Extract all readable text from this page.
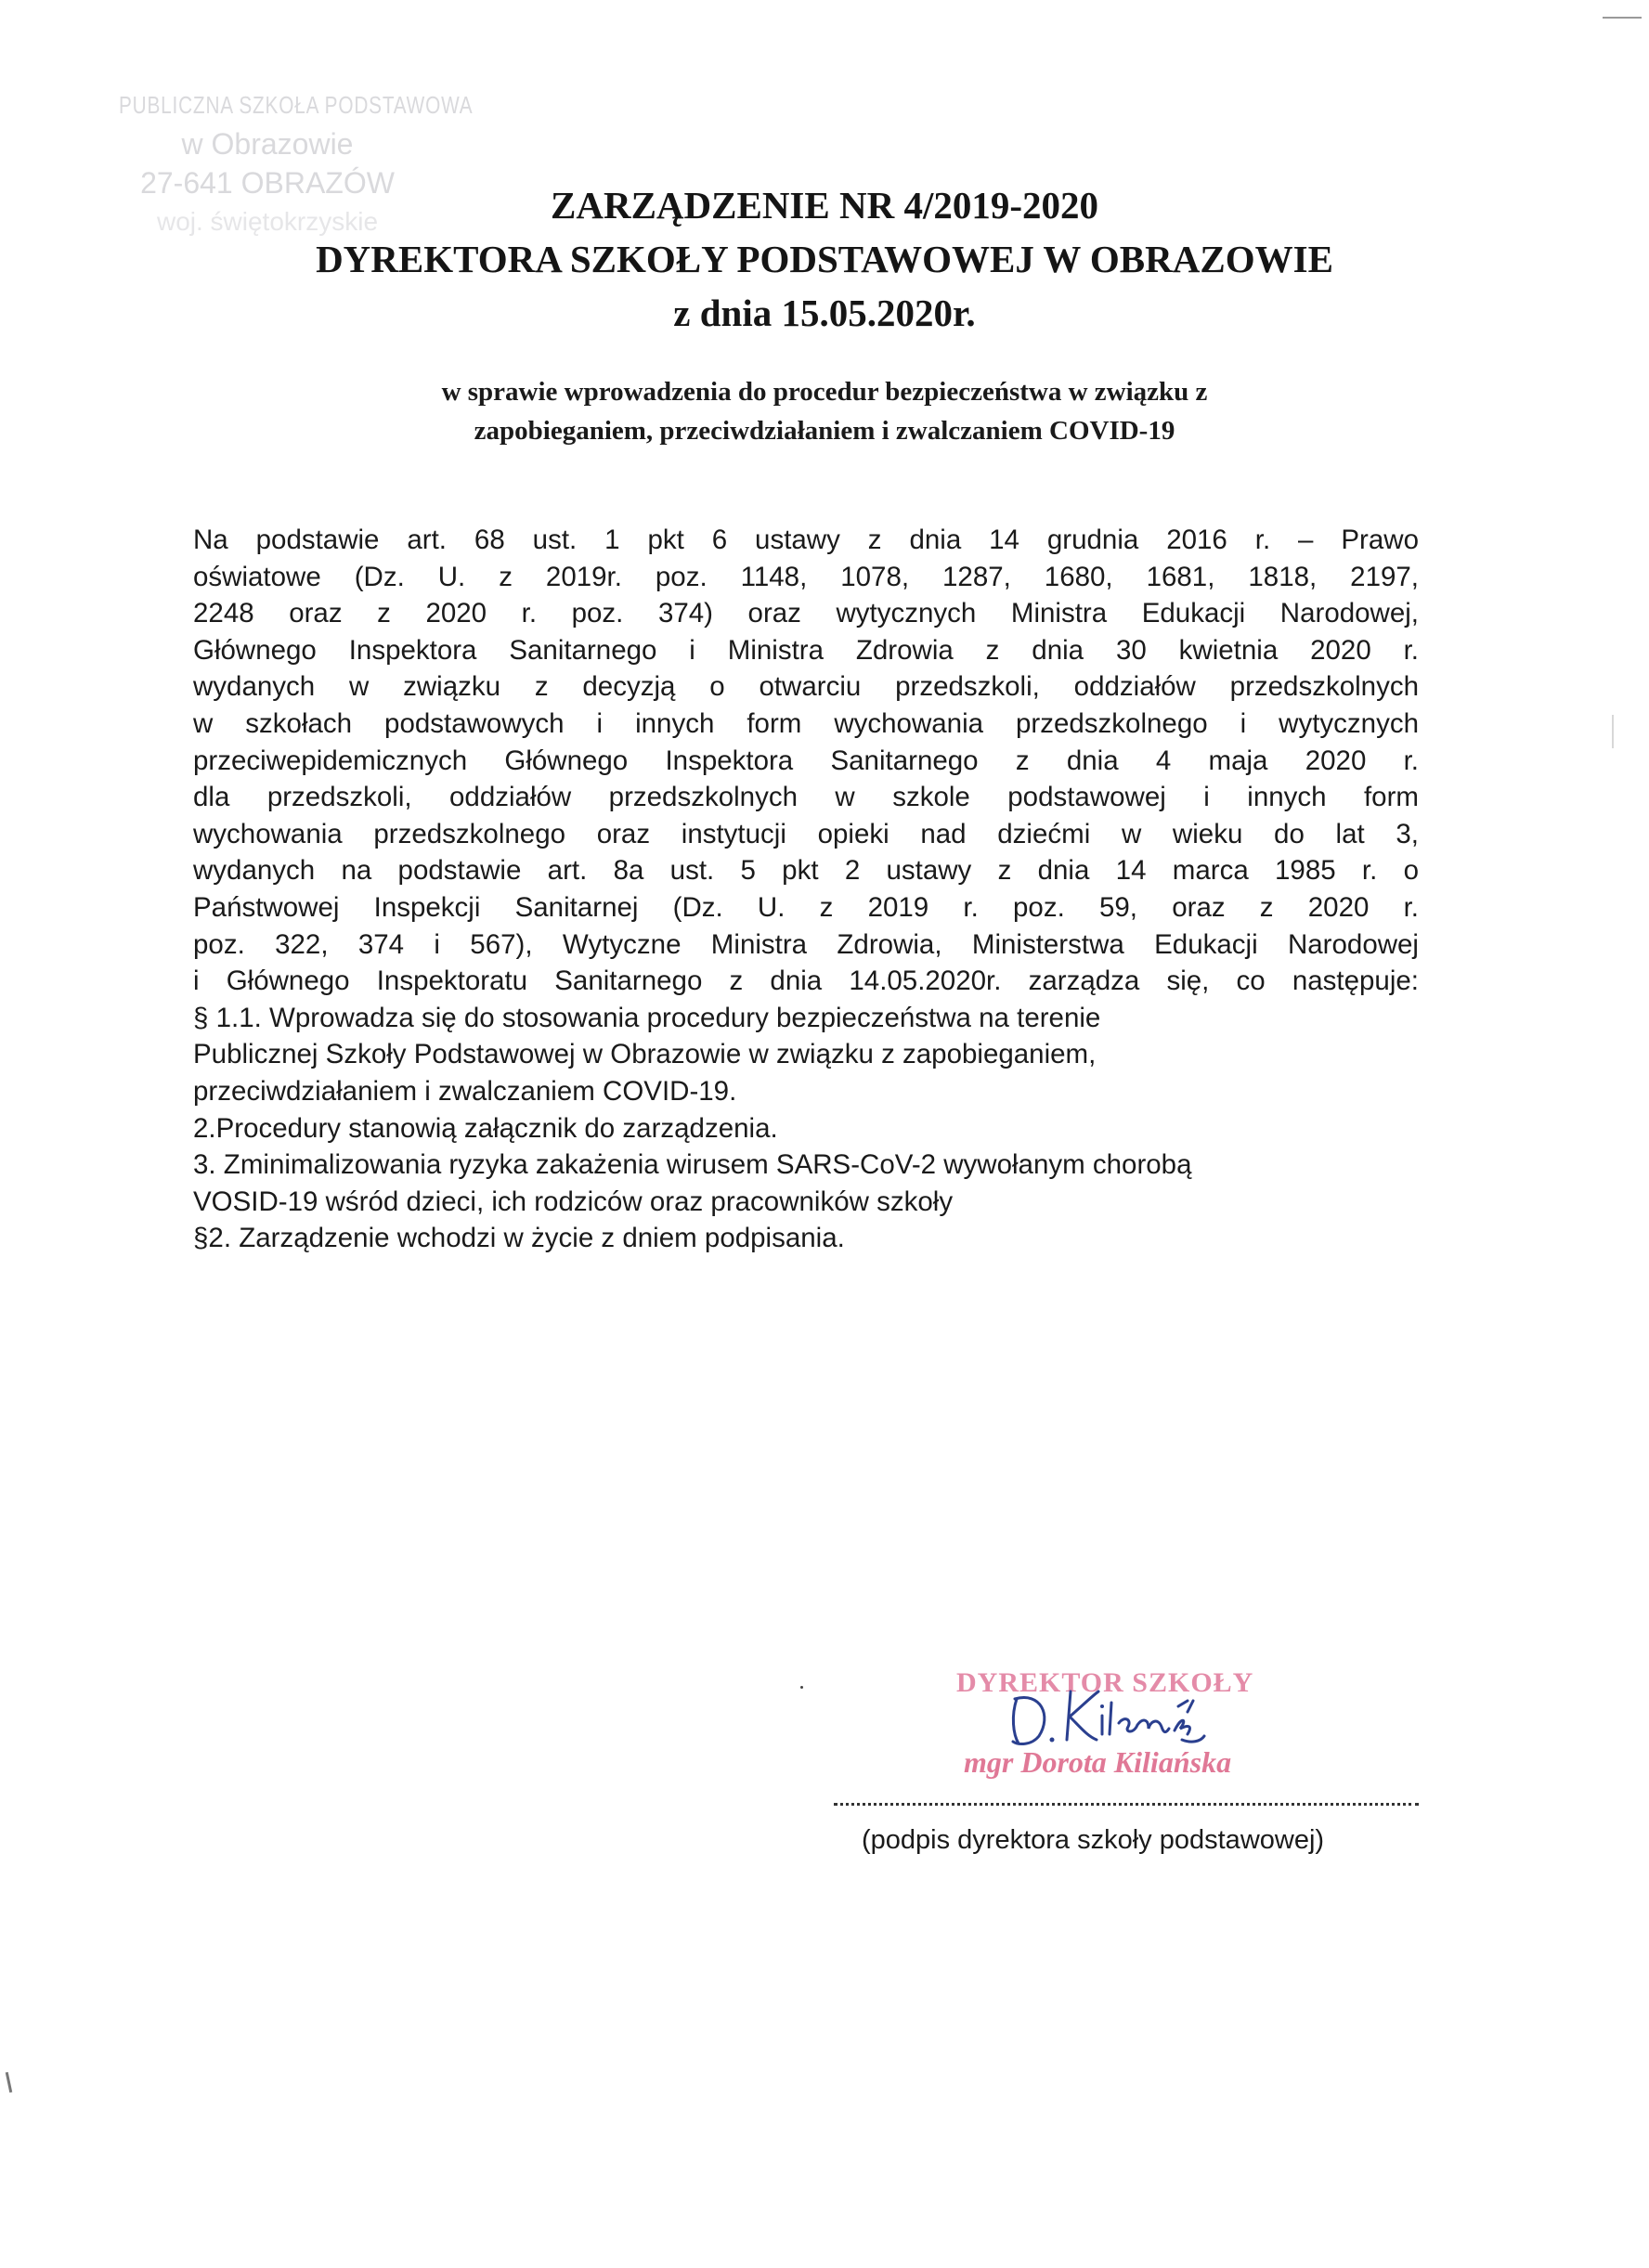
PUBLICZNA SZKOŁA PODSTAWOWA
w Obrazowie
27-641 OBRAZÓW
woj. świętokrzyskie	ZARZĄDZENIE NR 4/2019-2020
DYREKTORA SZKOŁY PODSTAWOWEJ W OBRAZOWIE
z dnia 15.05.2020r.
w sprawie wprowadzenia do procedur bezpieczeństwa w związku z
zapobieganiem, przeciwdziałaniem i zwalczaniem COVID-19
Na podstawie art. 68 ust. 1 pkt 6 ustawy z dnia 14 grudnia 2016 r. – Prawo
oświatowe (Dz. U. z 2019r. poz. 1148, 1078, 1287, 1680, 1681, 1818, 2197,
2248 oraz z 2020 r. poz. 374) oraz wytycznych Ministra Edukacji Narodowej,
Głównego Inspektora Sanitarnego i Ministra Zdrowia z dnia 30 kwietnia 2020 r.
wydanych w związku z decyzją o otwarciu przedszkoli, oddziałów przedszkolnych
w szkołach podstawowych i innych form wychowania przedszkolnego i wytycznych
przeciwepidemicznych Głównego Inspektora Sanitarnego z dnia 4 maja 2020 r.
dla przedszkoli, oddziałów przedszkolnych w szkole podstawowej i innych form
wychowania przedszkolnego oraz instytucji opieki nad dziećmi w wieku do lat 3,
wydanych na podstawie art. 8a ust. 5 pkt 2 ustawy z dnia 14 marca 1985 r. o
Państwowej Inspekcji Sanitarnej (Dz. U. z 2019 r. poz. 59, oraz z 2020 r.
poz. 322, 374 i 567), Wytyczne Ministra Zdrowia, Ministerstwa Edukacji Narodowej
i Głównego Inspektoratu Sanitarnego z dnia 14.05.2020r. zarządza się, co następuje:
§ 1.1. Wprowadza się do stosowania procedury bezpieczeństwa na terenie
Publicznej Szkoły Podstawowej w Obrazowie w związku z zapobieganiem,
przeciwdziałaniem i zwalczaniem COVID-19.
2.Procedury stanowią załącznik do zarządzenia.
3. Zminimalizowania ryzyka zakażenia wirusem SARS-CoV-2 wywołanym chorobą
VOSID-19 wśród dzieci, ich rodziców oraz pracowników szkoły
§2. Zarządzenie wchodzi w życie z dniem podpisania.
DYREKTOR SZKOŁY
mgr Dorota Kiliańska
(podpis dyrektora szkoły podstawowej)
